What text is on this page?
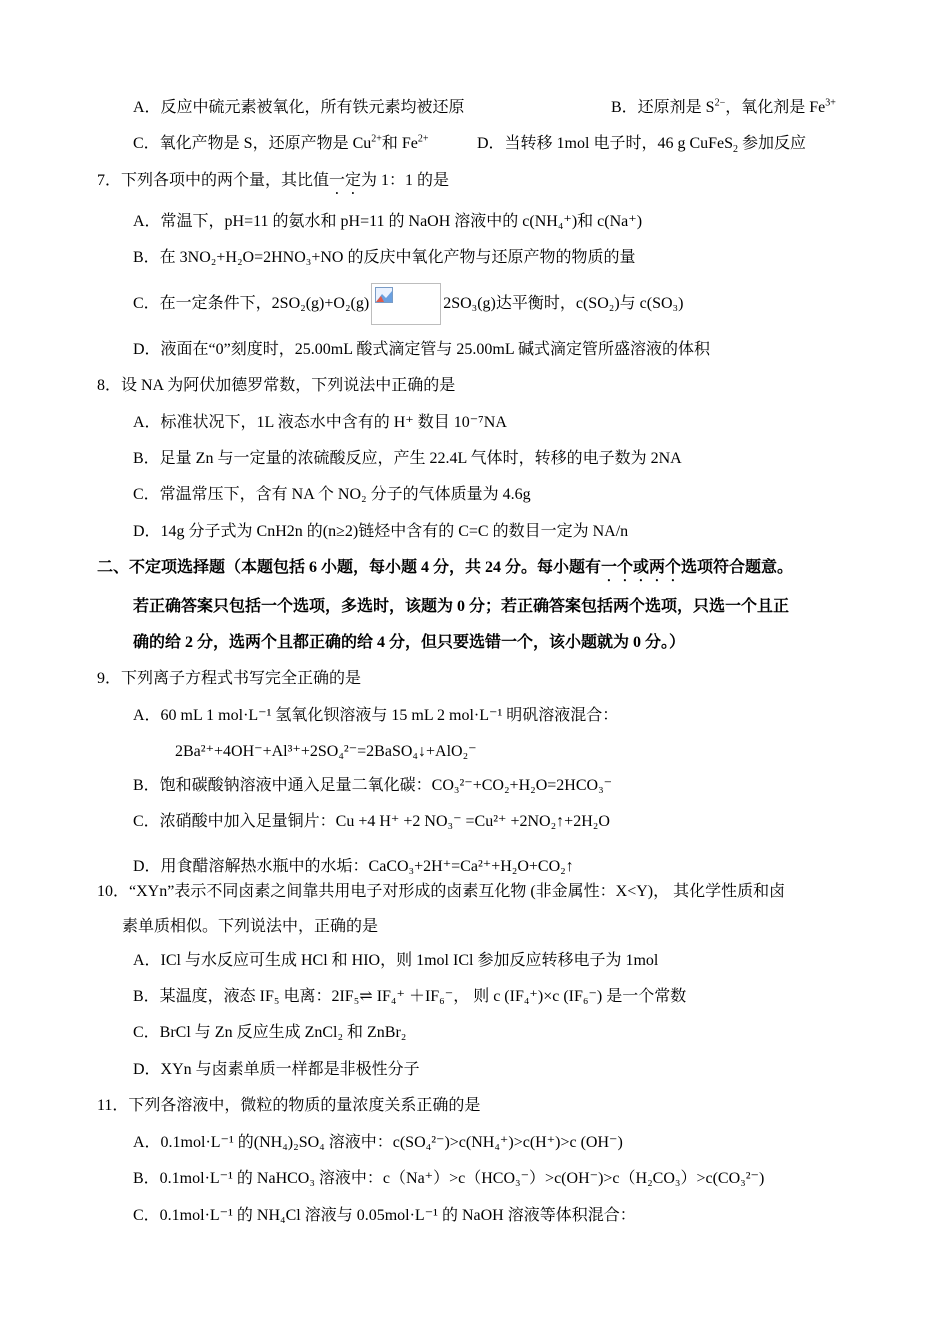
A．反应中硫元素被氧化，所有铁元素均被还原	B．还原剂是 $S^{2-}$，氧化剂是 $Fe^{3+}$
C．氧化产物是 S，还原产物是 $Cu^{2+}$和 $Fe^{2+}$	D．当转移 1mol 电子时，46 g CuFeS$_2$ 参加反应
7．下列各项中的两个量，其比值一定为 1：1 的是
A．常温下，pH=11 的氨水和 pH=11 的 NaOH 溶液中的 c(NH₄⁺)和 c(Na⁺)
B．在 3NO₂+H₂O=2HNO₃+NO 的反庆中氧化产物与还原产物的物质的量
C．在一定条件下，2SO₂(g)+O₂(g)	2SO₃(g)达平衡时，c(SO₂)与 c(SO₃)
D．液面在“0”刻度时，25.00mL 酸式滴定管与 25.00mL 碱式滴定管所盛溶液的体积
8．设 NA 为阿伏加德罗常数，下列说法中正确的是
A．标准状况下，1L 液态水中含有的 H⁺ 数目 10⁻⁷NA
B．足量 Zn 与一定量的浓硫酸反应，产生 22.4L 气体时，转移的电子数为 2NA
C．常温常压下，含有 NA 个 NO₂ 分子的气体质量为 4.6g
D．14g 分子式为 CnH2n 的(n≥2)链烃中含有的 C=C 的数目一定为 NA/n
二、不定项选择题（本题包括 6 小题，每小题 4 分，共 24 分。每小题有一个或两个选项符合题意。
若正确答案只包括一个选项，多选时，该题为 0 分；若正确答案包括两个选项，只选一个且正
确的给 2 分，选两个且都正确的给 4 分，但只要选错一个，该小题就为 0 分。）
9．下列离子方程式书写完全正确的是
A．60 mL 1 mol·L⁻¹ 氢氧化钡溶液与 15 mL 2 mol·L⁻¹ 明矾溶液混合：
2Ba²⁺+4OH⁻+Al³⁺+2SO₄²⁻=2BaSO₄↓+AlO₂⁻
B．饱和碳酸钠溶液中通入足量二氧化碳：CO₃²⁻+CO₂+H₂O=2HCO₃⁻
C．浓硝酸中加入足量铜片：Cu +4 H⁺ +2 NO₃⁻ =Cu²⁺ +2NO₂↑+2H₂O
D．用食醋溶解热水瓶中的水垢：CaCO₃+2H⁺=Ca²⁺+H₂O+CO₂↑
10．“XYn”表示不同卤素之间靠共用电子对形成的卤素互化物 (非金属性：X<Y)， 其化学性质和卤
素单质相似。下列说法中，正确的是
A．ICl 与水反应可生成 HCl 和 HIO，则 1mol ICl 参加反应转移电子为 1mol
B．某温度，液态 IF₅ 电离：2IF₅⇌ IF₄⁺ ＋IF₆⁻， 则 c (IF₄⁺)×c (IF₆⁻) 是一个常数
C．BrCl 与 Zn 反应生成 ZnCl₂ 和 ZnBr₂
D．XYn 与卤素单质一样都是非极性分子
11．下列各溶液中，微粒的物质的量浓度关系正确的是
A．0.1mol·L⁻¹ 的(NH₄)₂SO₄ 溶液中：c(SO₄²⁻)>c(NH₄⁺)>c(H⁺)>c (OH⁻)
B．0.1mol·L⁻¹ 的 NaHCO₃ 溶液中：c（Na⁺）>c（HCO₃⁻）>c(OH⁻)>c（H₂CO₃）>c(CO₃²⁻)
C．0.1mol·L⁻¹ 的 NH₄Cl 溶液与 0.05mol·L⁻¹ 的 NaOH 溶液等体积混合：
